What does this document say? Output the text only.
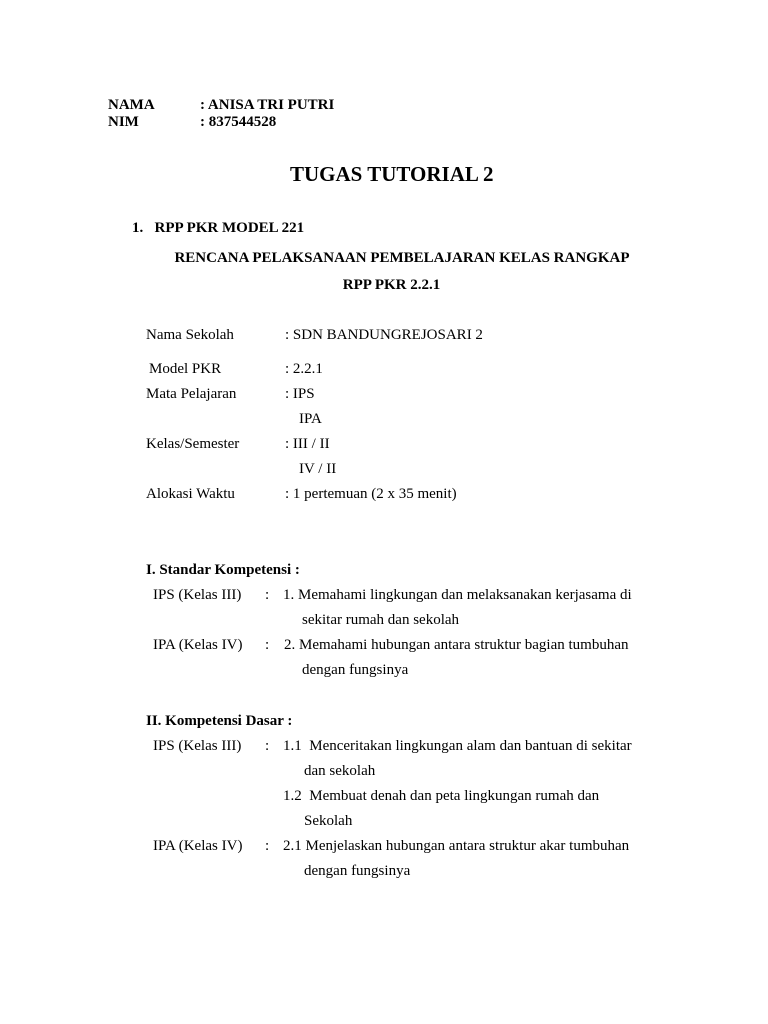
NAMA	: ANISA TRI PUTRI
NIM	: 837544528
TUGAS TUTORIAL 2
1.   RPP PKR MODEL 221
RENCANA PELAKSANAAN PEMBELAJARAN KELAS RANGKAP
RPP PKR 2.2.1
Nama Sekolah	: SDN BANDUNGREJOSARI 2
Model PKR	: 2.2.1
Mata Pelajaran	: IPS
IPA
Kelas/Semester	: III / II
IV / II
Alokasi Waktu	: 1 pertemuan (2 x 35 menit)
I. Standar Kompetensi :
IPS (Kelas III) : 1. Memahami lingkungan dan melaksanakan kerjasama di
sekitar rumah dan sekolah
IPA (Kelas IV) : 2. Memahami hubungan antara struktur bagian tumbuhan
dengan fungsinya
II. Kompetensi Dasar :
IPS (Kelas III) : 1.1  Menceritakan lingkungan alam dan bantuan di sekitar
dan sekolah
1.2  Membuat denah dan peta lingkungan rumah dan
Sekolah
IPA (Kelas IV) : 2.1 Menjelaskan hubungan antara struktur akar tumbuhan
dengan fungsinya
